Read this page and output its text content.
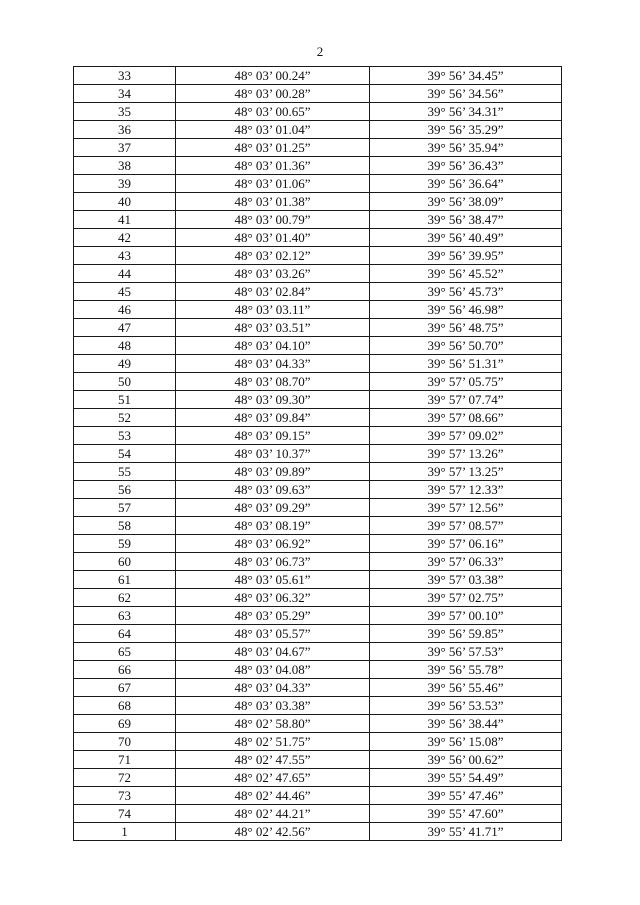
2
33	48° 03’ 00.24”	39° 56’ 34.45”
34	48° 03’ 00.28”	39° 56’ 34.56”
35	48° 03’ 00.65”	39° 56’ 34.31”
36	48° 03’ 01.04”	39° 56’ 35.29”
37	48° 03’ 01.25”	39° 56’ 35.94”
38	48° 03’ 01.36”	39° 56’ 36.43”
39	48° 03’ 01.06”	39° 56’ 36.64”
40	48° 03’ 01.38”	39° 56’ 38.09”
41	48° 03’ 00.79”	39° 56’ 38.47”
42	48° 03’ 01.40”	39° 56’ 40.49”
43	48° 03’ 02.12”	39° 56’ 39.95”
44	48° 03’ 03.26”	39° 56’ 45.52”
45	48° 03’ 02.84”	39° 56’ 45.73”
46	48° 03’ 03.11”	39° 56’ 46.98”
47	48° 03’ 03.51”	39° 56’ 48.75”
48	48° 03’ 04.10”	39° 56’ 50.70”
49	48° 03’ 04.33”	39° 56’ 51.31”
50	48° 03’ 08.70”	39° 57’ 05.75”
51	48° 03’ 09.30”	39° 57’ 07.74”
52	48° 03’ 09.84”	39° 57’ 08.66”
53	48° 03’ 09.15”	39° 57’ 09.02”
54	48° 03’ 10.37”	39° 57’ 13.26”
55	48° 03’ 09.89”	39° 57’ 13.25”
56	48° 03’ 09.63”	39° 57’ 12.33”
57	48° 03’ 09.29”	39° 57’ 12.56”
58	48° 03’ 08.19”	39° 57’ 08.57”
59	48° 03’ 06.92”	39° 57’ 06.16”
60	48° 03’ 06.73”	39° 57’ 06.33”
61	48° 03’ 05.61”	39° 57’ 03.38”
62	48° 03’ 06.32”	39° 57’ 02.75”
63	48° 03’ 05.29”	39° 57’ 00.10”
64	48° 03’ 05.57”	39° 56’ 59.85”
65	48° 03’ 04.67”	39° 56’ 57.53”
66	48° 03’ 04.08”	39° 56’ 55.78”
67	48° 03’ 04.33”	39° 56’ 55.46”
68	48° 03’ 03.38”	39° 56’ 53.53”
69	48° 02’ 58.80”	39° 56’ 38.44”
70	48° 02’ 51.75”	39° 56’ 15.08”
71	48° 02’ 47.55”	39° 56’ 00.62”
72	48° 02’ 47.65”	39° 55’ 54.49”
73	48° 02’ 44.46”	39° 55’ 47.46”
74	48° 02’ 44.21”	39° 55’ 47.60”
1	48° 02’ 42.56”	39° 55’ 41.71”
